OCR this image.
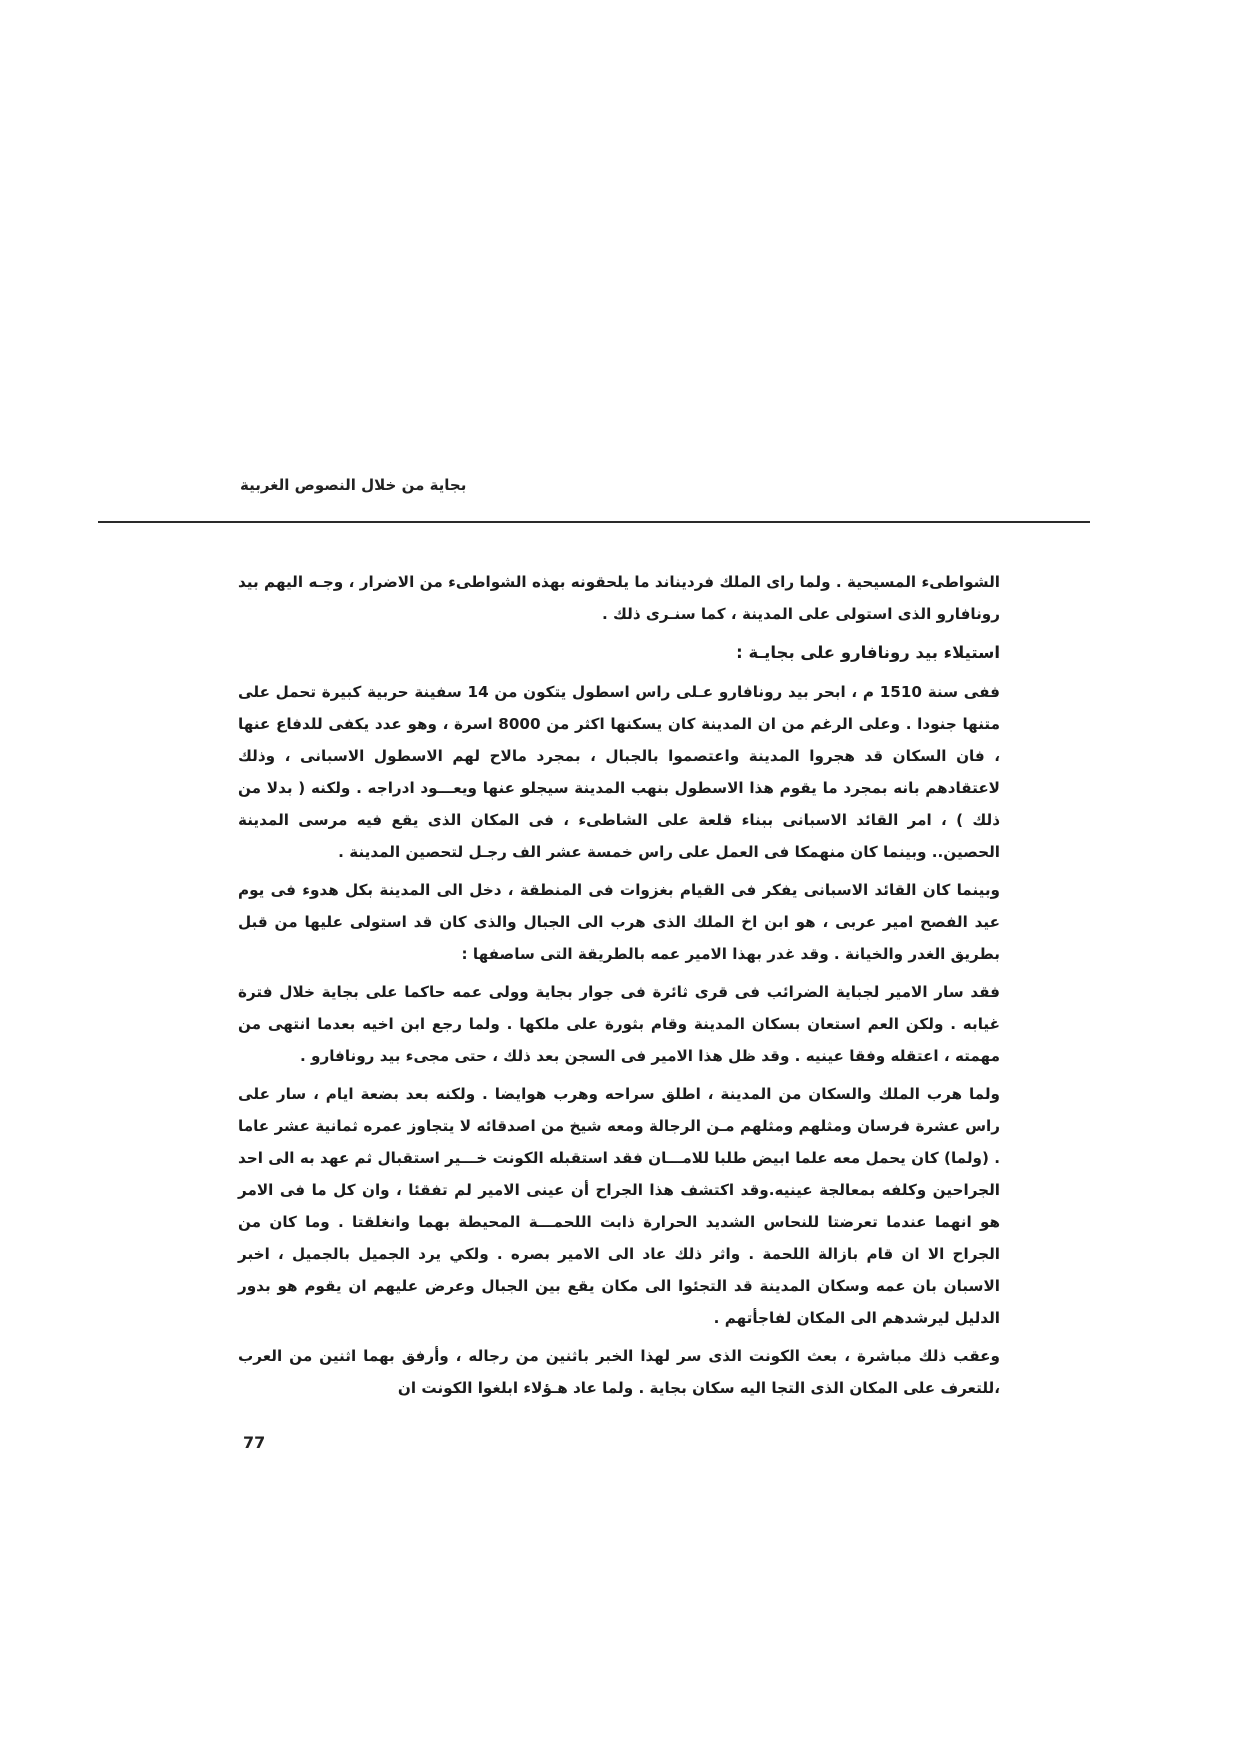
بجاية من خلال النصوص الغربية

الشواطىء المسيحية . ولما راى الملك فرديناند ما يلحقونه بهذه الشواطىء من الاضرار ، وجـه اليهم بيد رونافارو الذى استولى على المدينة ، كما سنـرى ذلك .

استيلاء بيد رونافارو على بجايـة :

ففى سنة 1510 م ، ابحر بيد رونافارو عـلى راس اسطول يتكون من 14 سفينة حربية كبيرة تحمل على متنها جنودا . وعلى الرغم من ان المدينة كان يسكنها اكثر من 8000 اسرة ، وهو عدد يكفى للدفاع عنها ، فان السكان قد هجروا المدينة واعتصموا بالجبال ، بمجرد مالاح لهم الاسطول الاسبانى ، وذلك لاعتقادهم بانه بمجرد ما يقوم هذا الاسطول بنهب المدينة سيجلو عنها ويعـــود ادراجه . ولكنه ( بدلا من ذلك ) ، امر القائد الاسبانى ببناء قلعة على الشاطىء ، فى المكان الذى يقع فيه مرسى المدينة الحصين.. وبينما كان منهمكا فى العمل على راس خمسة عشر الف رجـل لتحصين المدينة .

وبينما كان القائد الاسبانى يفكر فى القيام بغزوات فى المنطقة ، دخل الى المدينة بكل هدوء فى يوم عيد الفصح امير عربى ، هو ابن اخ الملك الذى هرب الى الجبال والذى كان قد استولى عليها من قبل بطريق الغدر والخيانة . وقد غدر بهذا الامير عمه بالطريقة التى ساصفها :

فقد سار الامير لجباية الضرائب فى قرى ثائرة فى جوار بجاية وولى عمه حاكما على بجاية خلال فترة غيابه . ولكن العم استعان بسكان المدينة وقام بثورة على ملكها . ولما رجع ابن اخيه بعدما انتهى من مهمته ، اعتقله وفقا عينيه . وقد ظل هذا الامير فى السجن بعد ذلك ، حتى مجىء بيد رونافارو .

ولما هرب الملك والسكان من المدينة ، اطلق سراحه وهرب هوايضا . ولكنه بعد بضعة ايام ، سار على راس عشرة فرسان ومثلهم ومثلهم مـن الرجالة ومعه شيخ من اصدقائه لا يتجاوز عمره ثمانية عشر عاما . (ولما) كان يحمل معه علما ابيض طلبا للامـــان فقد استقبله الكونت خـــير استقبال ثم عهد به الى احد الجراحين وكلفه بمعالجة عينيه.وقد اكتشف هذا الجراح أن عينى الامير لم تفقئا ، وان كل ما فى الامر هو انهما عندما تعرضتا للنحاس الشديد الحرارة ذابت اللحمـــة المحيطة بهما وانغلقتا . وما كان من الجراح الا ان قام بازالة اللحمة . واثر ذلك عاد الى الامير بصره . ولكي يرد الجميل بالجميل ، اخبر الاسبان بان عمه وسكان المدينة قد التجئوا الى مكان يقع بين الجبال وعرض عليهم ان يقوم هو بدور الدليل ليرشدهم الى المكان لفاجأتهم .

وعقب ذلك مباشرة ، بعث الكونت الذى سر لهذا الخبر باثنين من رجاله ، وأرفق بهما اثنين من العرب ،للتعرف على المكان الذى التجا اليه سكان بجاية . ولما عاد هـؤلاء ابلغوا الكونت ان

77
